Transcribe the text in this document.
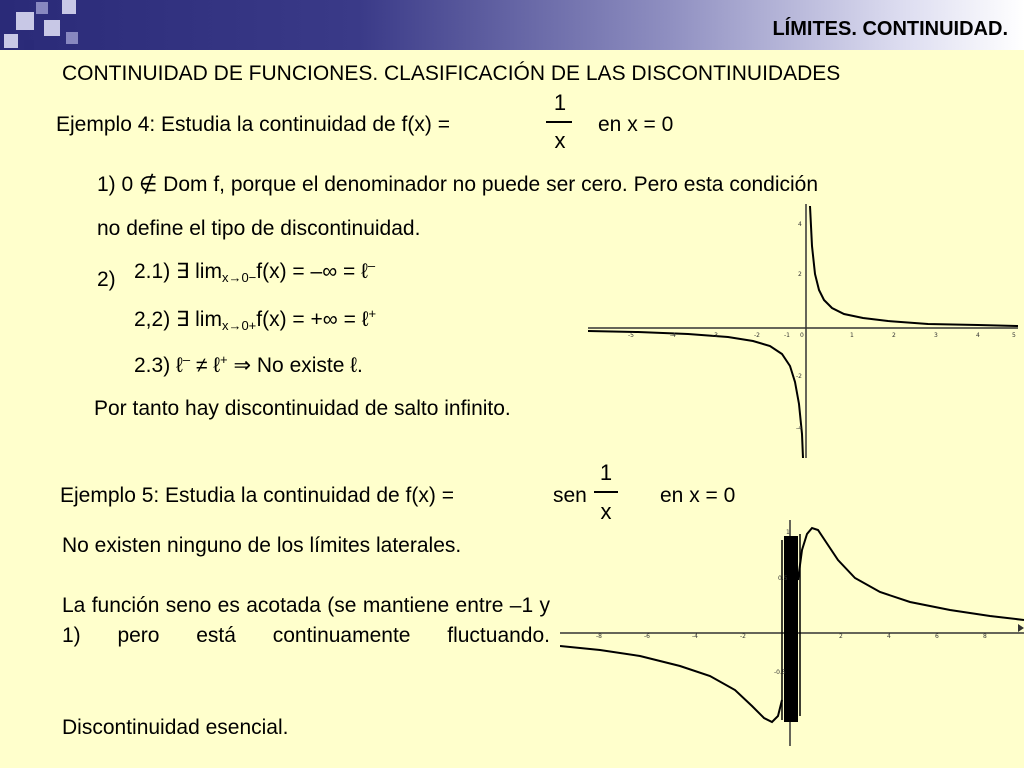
LÍMITES. CONTINUIDAD.
CONTINUIDAD DE FUNCIONES. CLASIFICACIÓN DE LAS DISCONTINUIDADES
Ejemplo 4: Estudia la continuidad de f(x) =
1
x
en x = 0
1) 0 ∉ Dom f, porque el denominador no puede ser cero. Pero esta condición
no define el tipo de discontinuidad.
2) 2.1) ∃ $\lim_{x\to 0-}f(x)$ = –∞ = ℓ–
2,2) ∃ $\lim_{x\to 0+}f(x)$ = +∞ = ℓ+
2.3) ℓ– ≠ ℓ+ ⇒ No existe ℓ.
Por tanto hay discontinuidad de salto infinito.
-5	-4	-3	-2	-1 0	1	2	3	4	5
4
2
-2
-4
Ejemplo 5: Estudia la continuidad de f(x) =	sen
1
x
en x = 0
No existen ninguno de los límites laterales.
La función seno es acotada (se mantiene entre –1 y 1) pero está continuamente fluctuando.
Discontinuidad esencial.
-8	-6	-4	-2	2	4	6	8
1
0.5
-0.5
